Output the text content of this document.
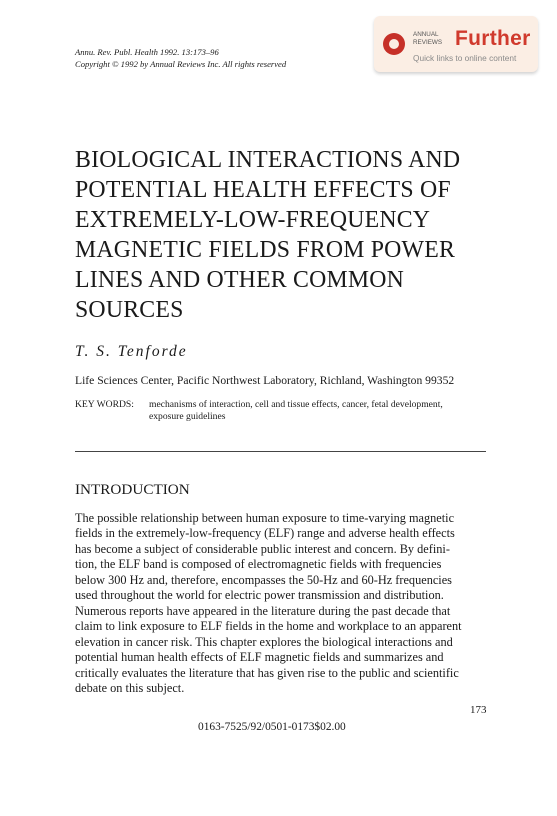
Annu. Rev. Publ. Health 1992. 13:173–96
Copyright © 1992 by Annual Reviews Inc. All rights reserved
ANNUAL REVIEWS Further
Quick links to online content
BIOLOGICAL INTERACTIONS AND
POTENTIAL HEALTH EFFECTS OF
EXTREMELY-LOW-FREQUENCY
MAGNETIC FIELDS FROM POWER
LINES AND OTHER COMMON
SOURCES
T. S. Tenforde
Life Sciences Center, Pacific Northwest Laboratory, Richland, Washington 99352
KEY WORDS: mechanisms of interaction, cell and tissue effects, cancer, fetal development,
exposure guidelines
INTRODUCTION
The possible relationship between human exposure to time-varying magnetic
fields in the extremely-low-frequency (ELF) range and adverse health effects
has become a subject of considerable public interest and concern. By defini-
tion, the ELF band is composed of electromagnetic fields with frequencies
below 300 Hz and, therefore, encompasses the 50-Hz and 60-Hz frequencies
used throughout the world for electric power transmission and distribution.
Numerous reports have appeared in the literature during the past decade that
claim to link exposure to ELF fields in the home and workplace to an apparent
elevation in cancer risk. This chapter explores the biological interactions and
potential human health effects of ELF magnetic fields and summarizes and
critically evaluates the literature that has given rise to the public and scientific
debate on this subject.
173
0163-7525/92/0501-0173$02.00
